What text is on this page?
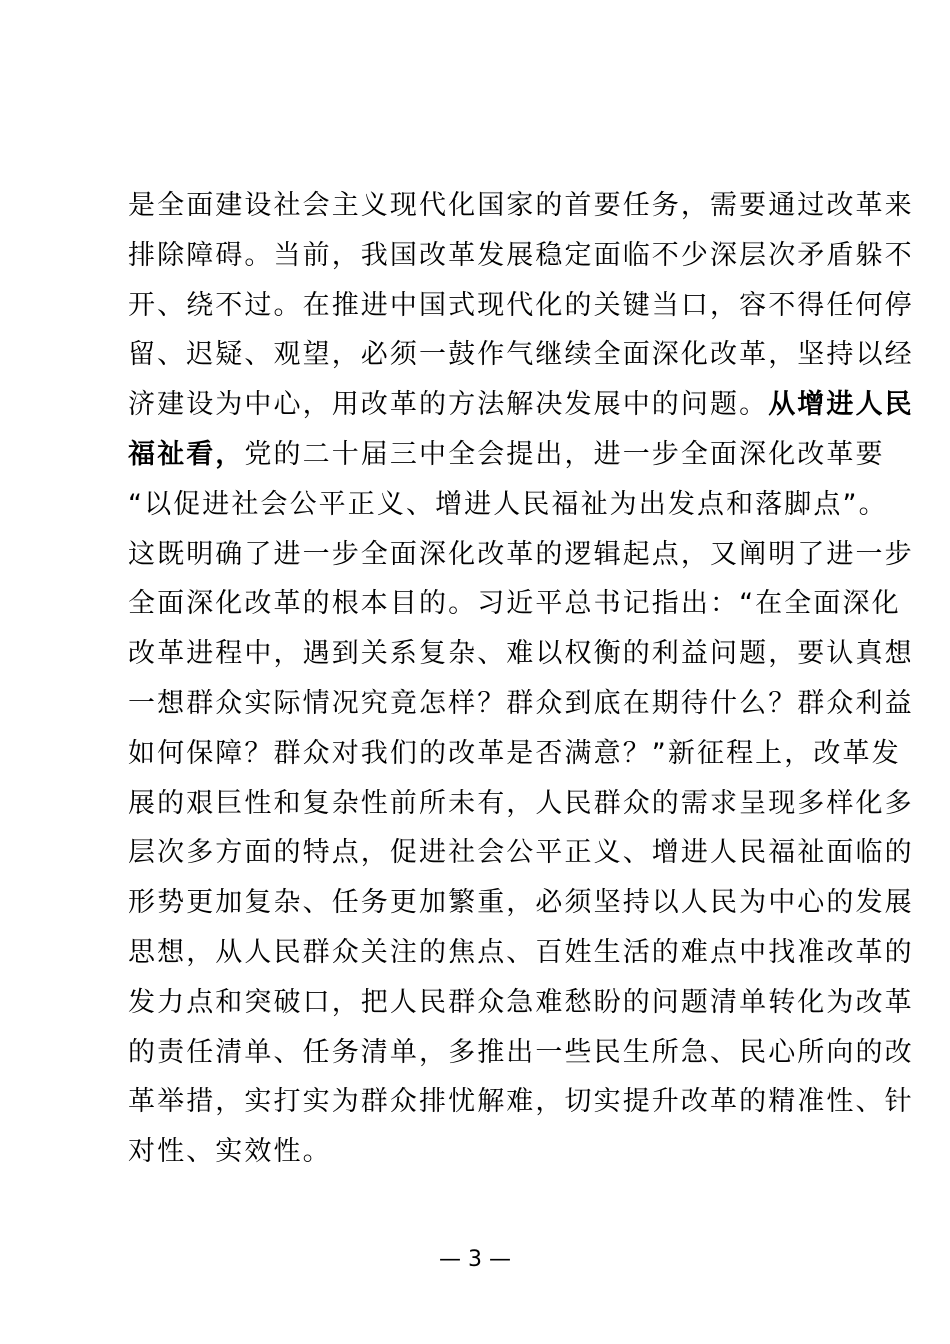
是全面建设社会主义现代化国家的首要任务，需要通过改革来
排除障碍。当前，我国改革发展稳定面临不少深层次矛盾躲不
开、绕不过。在推进中国式现代化的关键当口，容不得任何停
留、迟疑、观望，必须一鼓作气继续全面深化改革，坚持以经
济建设为中心，用改革的方法解决发展中的问题。从增进人民
福祉看，党的二十届三中全会提出，进一步全面深化改革要
“以促进社会公平正义、增进人民福祉为出发点和落脚点”。
这既明确了进一步全面深化改革的逻辑起点，又阐明了进一步
全面深化改革的根本目的。习近平总书记指出：“在全面深化
改革进程中，遇到关系复杂、难以权衡的利益问题，要认真想
一想群众实际情况究竟怎样？群众到底在期待什么？群众利益
如何保障？群众对我们的改革是否满意？”新征程上，改革发
展的艰巨性和复杂性前所未有，人民群众的需求呈现多样化多
层次多方面的特点，促进社会公平正义、增进人民福祉面临的
形势更加复杂、任务更加繁重，必须坚持以人民为中心的发展
思想，从人民群众关注的焦点、百姓生活的难点中找准改革的
发力点和突破口，把人民群众急难愁盼的问题清单转化为改革
的责任清单、任务清单，多推出一些民生所急、民心所向的改
革举措，实打实为群众排忧解难，切实提升改革的精准性、针
对性、实效性。
— 3 —
